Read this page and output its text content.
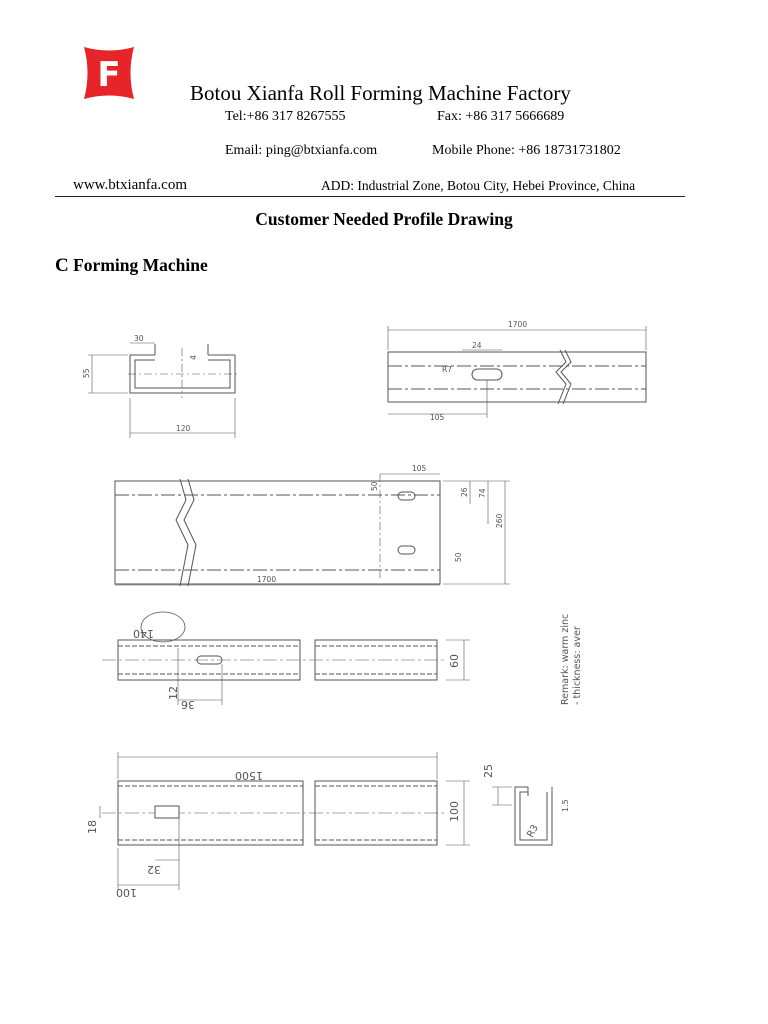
F	Botou Xianfa Roll Forming Machine Factory
Tel:+86 317 8267555	Fax: +86 317 5666689
Email: ping@btxianfa.com	Mobile Phone: +86 18731731802
www.btxianfa.com	ADD: Industrial Zone, Botou City, Hebei Province, China
Customer Needed Profile Drawing
C Forming Machine
30
4
55
120
1700
24
R7
105
105
1700
50
26 74
260
50
140
60
12
36	Remark: warm zinc - thickness: aver
1500
100
18
32
100
25
R3
1.5
